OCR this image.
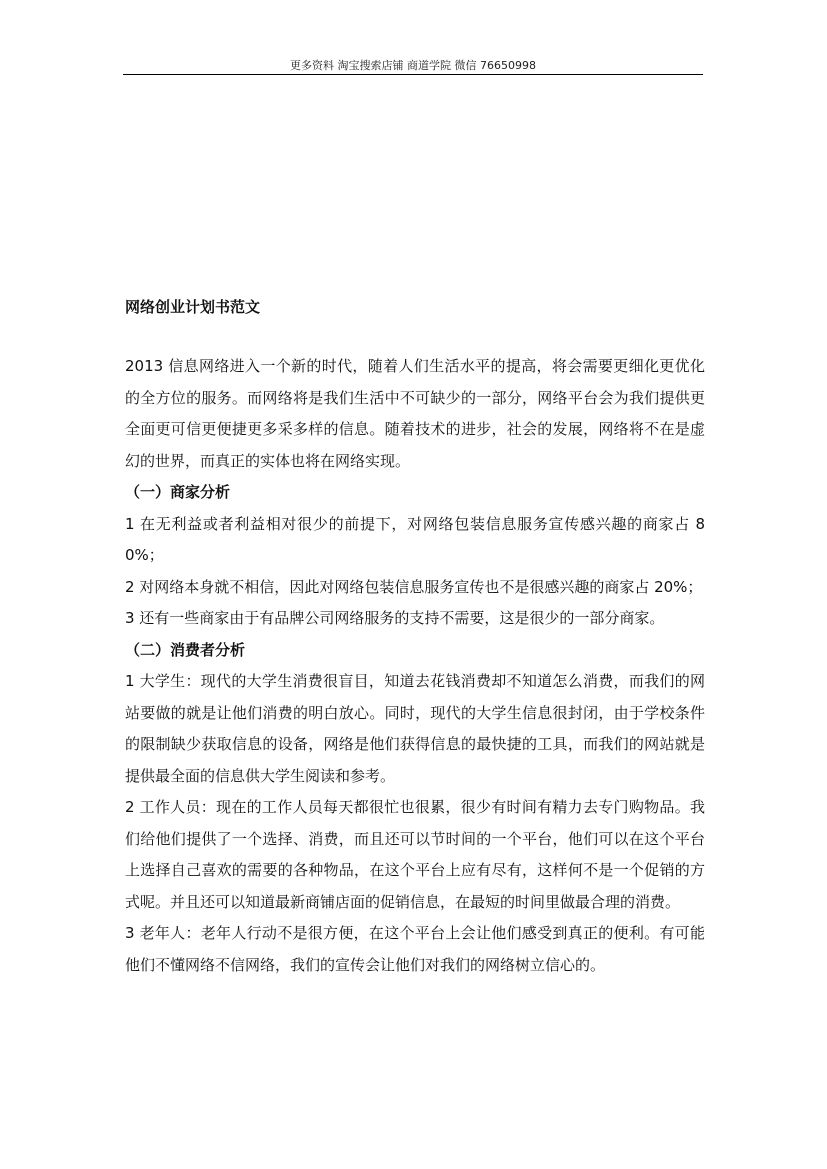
更多资料 淘宝搜索店铺 商道学院 微信 76650998
网络创业计划书范文

2013 信息网络进入一个新的时代，随着人们生活水平的提高，将会需要更细化更优化的全方位的服务。而网络将是我们生活中不可缺少的一部分，网络平台会为我们提供更全面更可信更便捷更多采多样的信息。随着技术的进步，社会的发展，网络将不在是虚幻的世界，而真正的实体也将在网络实现。

（一）商家分析

1 在无利益或者利益相对很少的前提下，对网络包装信息服务宣传感兴趣的商家占 80%；

2 对网络本身就不相信，因此对网络包装信息服务宣传也不是很感兴趣的商家占 20%；

3 还有一些商家由于有品牌公司网络服务的支持不需要，这是很少的一部分商家。

（二）消费者分析

1 大学生：现代的大学生消费很盲目，知道去花钱消费却不知道怎么消费，而我们的网站要做的就是让他们消费的明白放心。同时，现代的大学生信息很封闭，由于学校条件的限制缺少获取信息的设备，网络是他们获得信息的最快捷的工具，而我们的网站就是提供最全面的信息供大学生阅读和参考。

2 工作人员：现在的工作人员每天都很忙也很累，很少有时间有精力去专门购物品。我们给他们提供了一个选择、消费，而且还可以节时间的一个平台，他们可以在这个平台上选择自己喜欢的需要的各种物品，在这个平台上应有尽有，这样何不是一个促销的方式呢。并且还可以知道最新商铺店面的促销信息，在最短的时间里做最合理的消费。

3 老年人：老年人行动不是很方便，在这个平台上会让他们感受到真正的便利。有可能他们不懂网络不信网络，我们的宣传会让他们对我们的网络树立信心的。
